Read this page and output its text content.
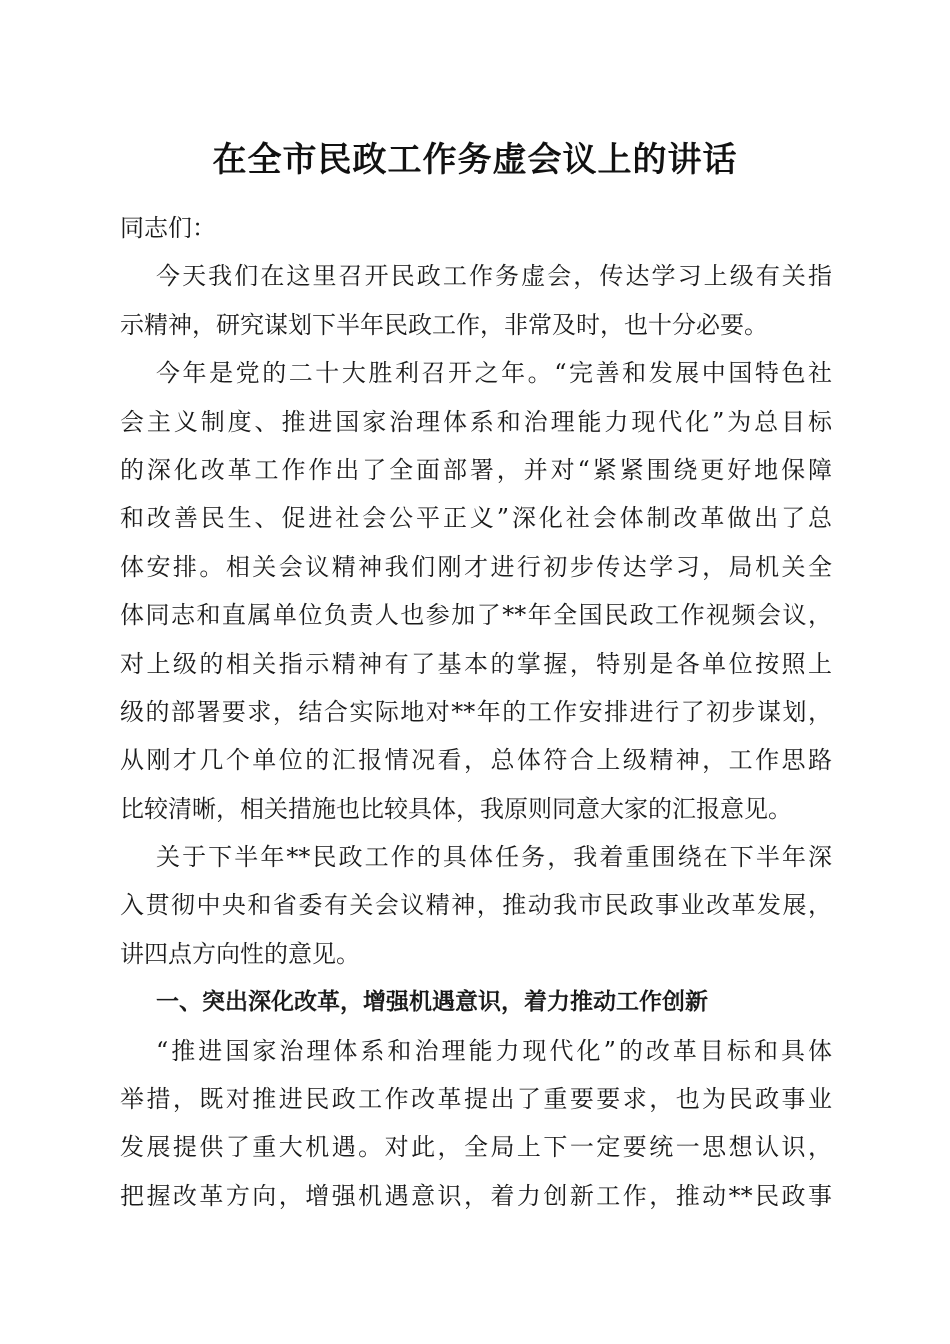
在全市民政工作务虚会议上的讲话
同志们：
今天我们在这里召开民政工作务虚会，传达学习上级有关指
示精神，研究谋划下半年民政工作，非常及时，也十分必要。
今年是党的二十大胜利召开之年。“完善和发展中国特色社
会主义制度、推进国家治理体系和治理能力现代化”为总目标
的深化改革工作作出了全面部署，并对“紧紧围绕更好地保障
和改善民生、促进社会公平正义”深化社会体制改革做出了总
体安排。相关会议精神我们刚才进行初步传达学习，局机关全
体同志和直属单位负责人也参加了**年全国民政工作视频会议，
对上级的相关指示精神有了基本的掌握，特别是各单位按照上
级的部署要求，结合实际地对**年的工作安排进行了初步谋划，
从刚才几个单位的汇报情况看，总体符合上级精神，工作思路
比较清晰，相关措施也比较具体，我原则同意大家的汇报意见。
关于下半年**民政工作的具体任务，我着重围绕在下半年深
入贯彻中央和省委有关会议精神，推动我市民政事业改革发展，
讲四点方向性的意见。
一、突出深化改革，增强机遇意识，着力推动工作创新
“推进国家治理体系和治理能力现代化”的改革目标和具体
举措，既对推进民政工作改革提出了重要要求，也为民政事业
发展提供了重大机遇。对此，全局上下一定要统一思想认识，
把握改革方向，增强机遇意识，着力创新工作，推动**民政事
